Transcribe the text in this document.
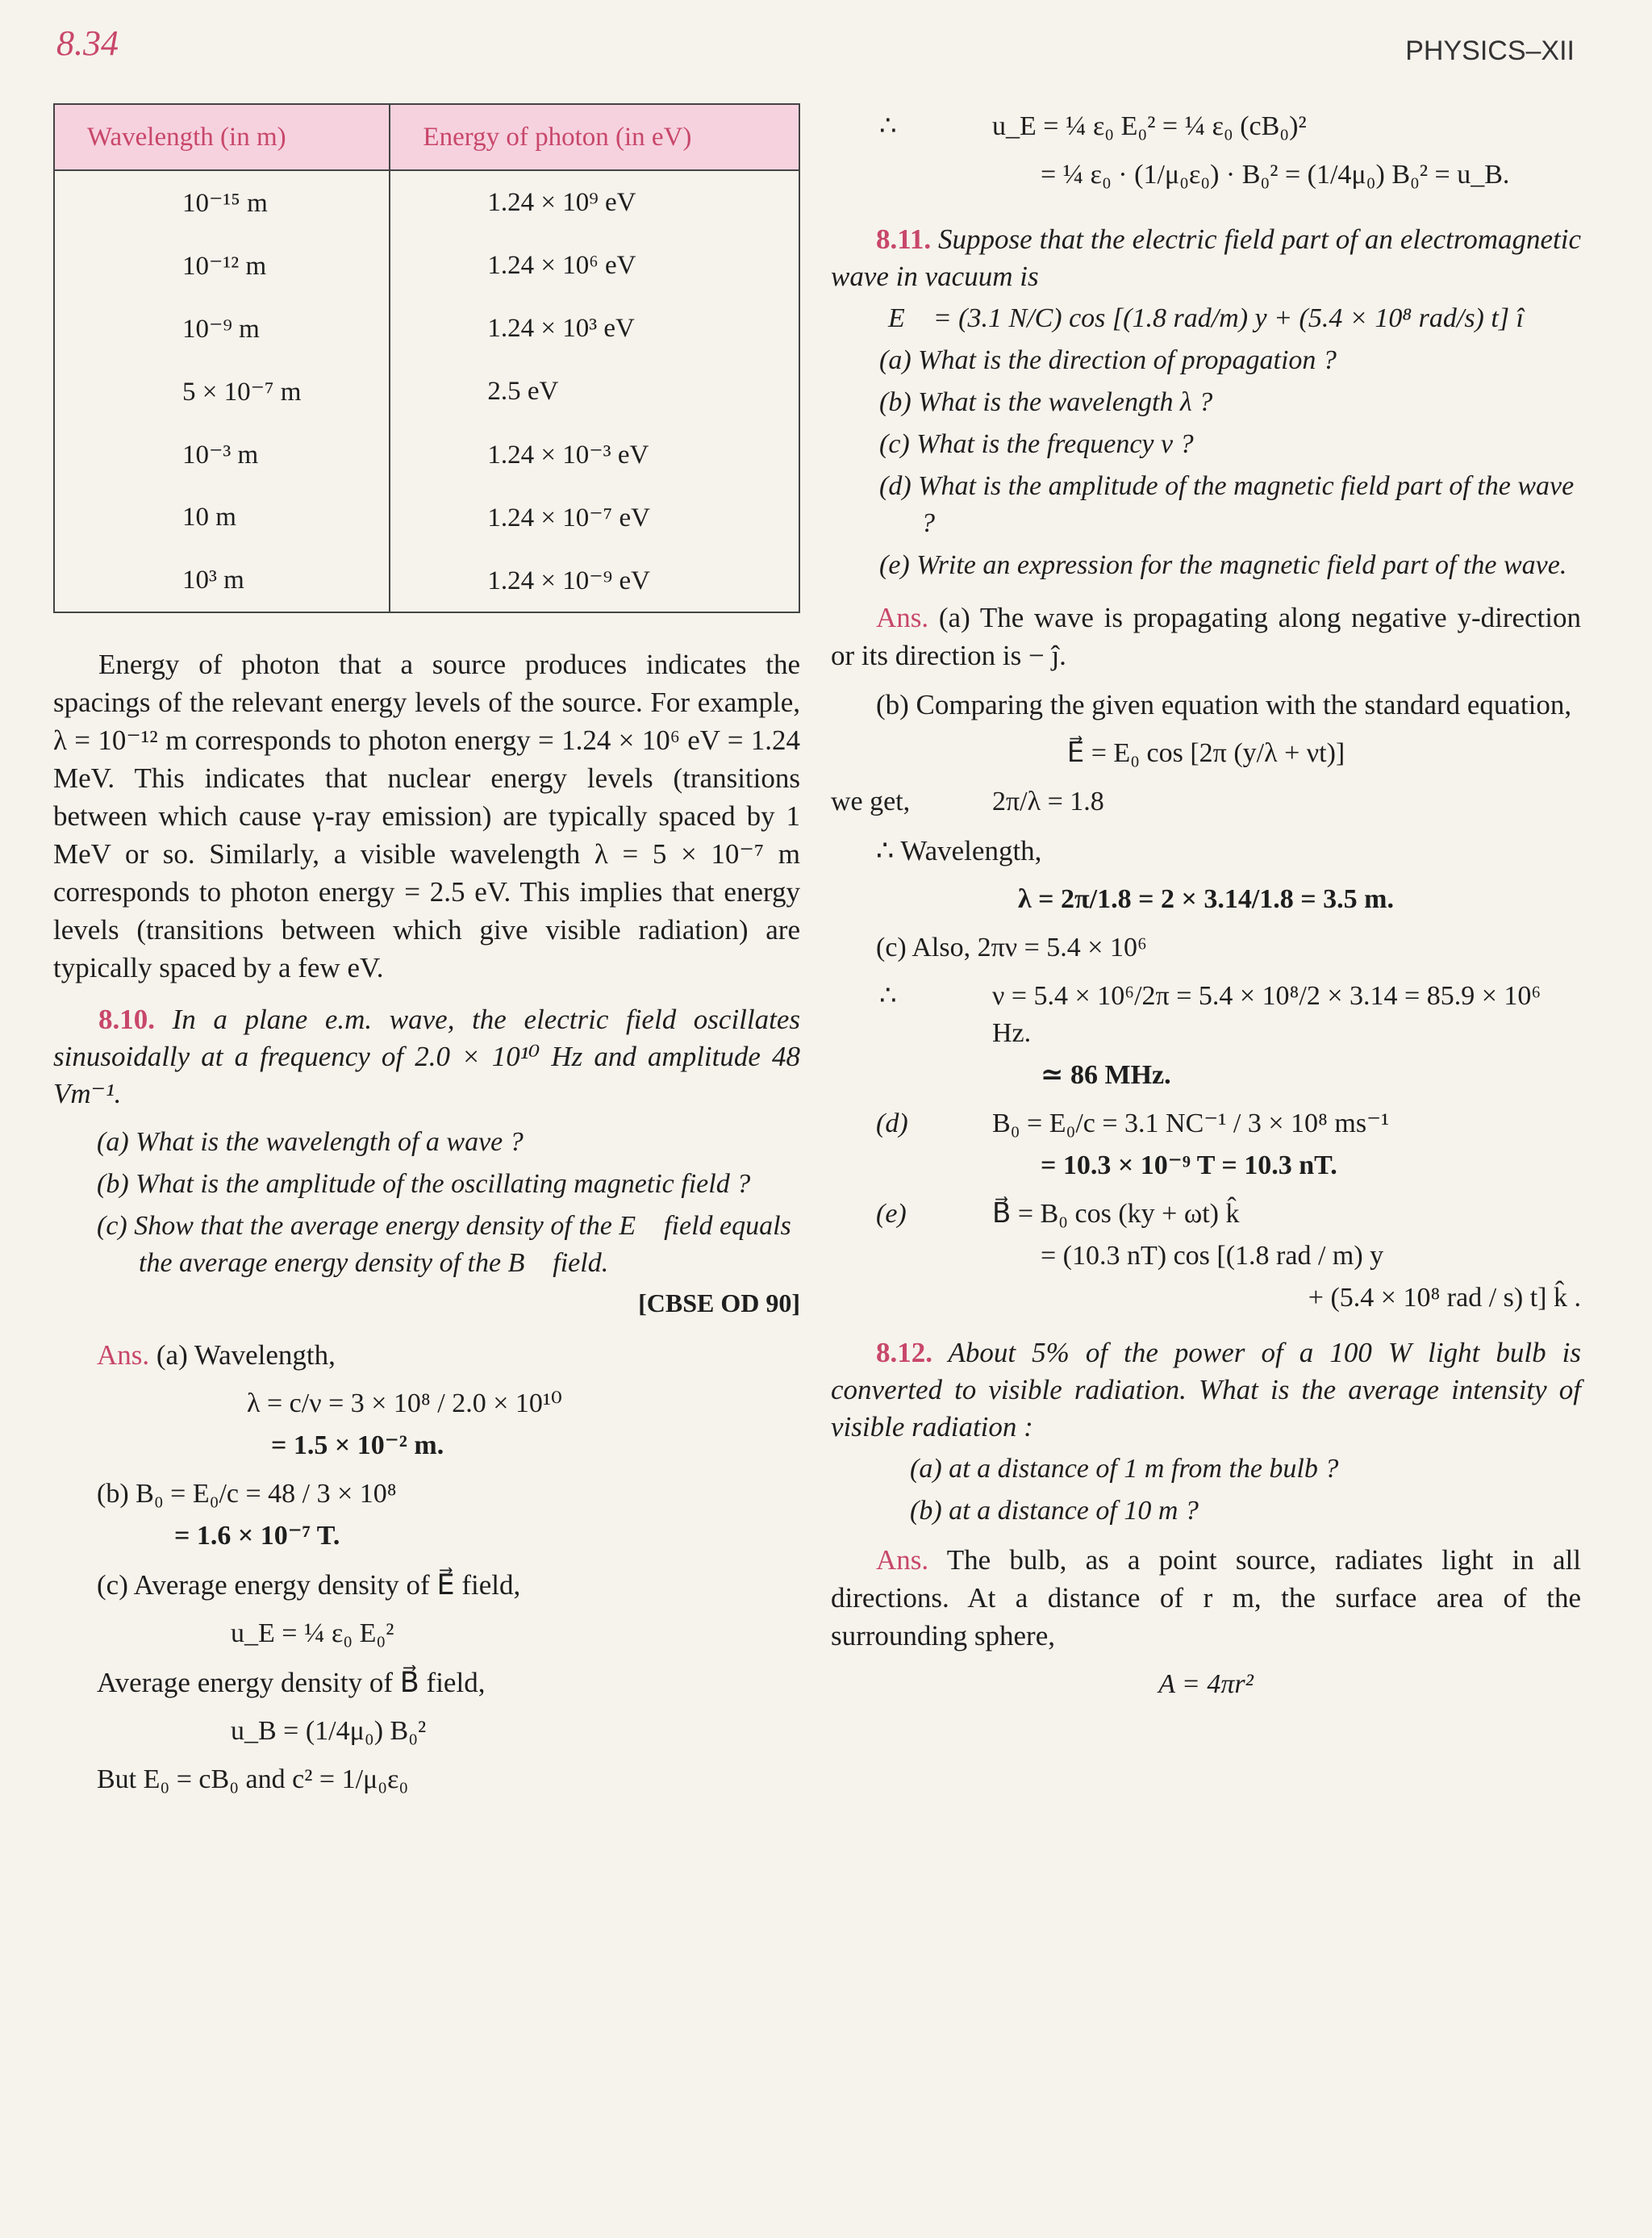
8.34	PHYSICS–XII
Wavelength (in m)	Energy of photon (in eV)
10⁻¹⁵ m	1.24 × 10⁹ eV
10⁻¹² m	1.24 × 10⁶ eV
10⁻⁹ m	1.24 × 10³ eV
5 × 10⁻⁷ m	2.5 eV
10⁻³ m	1.24 × 10⁻³ eV
10 m	1.24 × 10⁻⁷ eV
10³ m	1.24 × 10⁻⁹ eV

Energy of photon that a source produces indicates the spacings of the relevant energy levels of the source. For example, λ = 10⁻¹² m corresponds to photon energy = 1.24 × 10⁶ eV = 1.24 MeV. This indicates that nuclear energy levels (transitions between which cause γ-ray emission) are typically spaced by 1 MeV or so. Similarly, a visible wavelength λ = 5 × 10⁻⁷ m corresponds to photon energy = 2.5 eV. This implies that energy levels (transitions between which give visible radiation) are typically spaced by a few eV.

8.10. In a plane e.m. wave, the electric field oscillates sinusoidally at a frequency of 2.0 × 10¹⁰ Hz and amplitude 48 Vm⁻¹.

(a) What is the wavelength of a wave ?

(b) What is the amplitude of the oscillating magnetic field ?

(c) Show that the average energy density of the E⃗ field equals the average energy density of the B⃗ field.

[CBSE OD 90]

Ans. (a) Wavelength,

λ = c/ν = 3 × 10⁸ / 2.0 × 10¹⁰

= 1.5 × 10⁻² m.

(b) B₀ = E₀/c = 48 / 3 × 10⁸

= 1.6 × 10⁻⁷ T.

(c) Average energy density of E⃗ field,

u_E = ¼ ε₀ E₀²

Average energy density of B⃗ field,

u_B = (1/4μ₀) B₀²

But E₀ = cB₀ and c² = 1/μ₀ε₀

∴	u_E = ¼ ε₀ E₀² = ¼ ε₀ (cB₀)²

= ¼ ε₀ · (1/μ₀ε₀) · B₀² = (1/4μ₀) B₀² = u_B.

8.11. Suppose that the electric field part of an electromagnetic wave in vacuum is

E⃗ = (3.1 N/C) cos [(1.8 rad/m) y + (5.4 × 10⁸ rad/s) t] î

(a) What is the direction of propagation ?

(b) What is the wavelength λ ?

(c) What is the frequency ν ?

(d) What is the amplitude of the magnetic field part of the wave ?

(e) Write an expression for the magnetic field part of the wave.

Ans. (a) The wave is propagating along negative y-direction or its direction is − ĵ.

(b) Comparing the given equation with the standard equation,

E⃗ = E₀ cos [2π (y/λ + νt)]

we get,	2π/λ = 1.8

∴ Wavelength,

λ = 2π/1.8 = 2 × 3.14/1.8 = 3.5 m.

(c) Also, 2πν = 5.4 × 10⁶

∴	ν = 5.4 × 10⁶/2π = 5.4 × 10⁸/2 × 3.14 = 85.9 × 10⁶ Hz.

≃ 86 MHz.

(d)	B₀ = E₀/c = 3.1 NC⁻¹ / 3 × 10⁸ ms⁻¹

= 10.3 × 10⁻⁹ T = 10.3 nT.

(e)	B⃗ = B₀ cos (ky + ωt) k̂

= (10.3 nT) cos [(1.8 rad / m) y

+ (5.4 × 10⁸ rad / s) t] k̂ .

8.12. About 5% of the power of a 100 W light bulb is converted to visible radiation. What is the average intensity of visible radiation :

(a) at a distance of 1 m from the bulb ?

(b) at a distance of 10 m ?

Ans. The bulb, as a point source, radiates light in all directions. At a distance of r m, the surface area of the surrounding sphere,

A = 4πr²
